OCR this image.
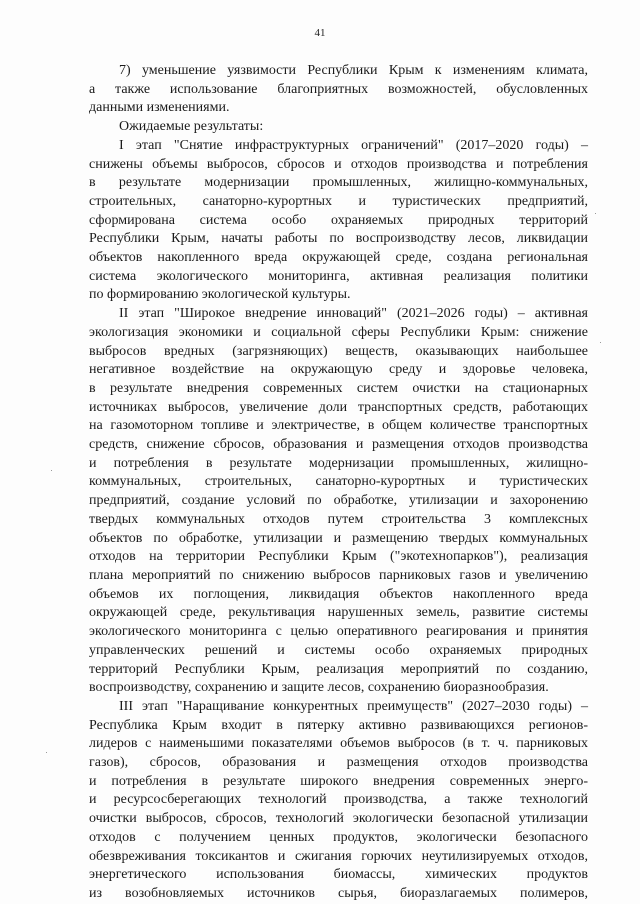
41
7) уменьшение уязвимости Республики Крым к изменениям климата,
а также использование благоприятных возможностей, обусловленных
данными изменениями.
Ожидаемые результаты:
I этап "Снятие инфраструктурных ограничений" (2017–2020 годы) –
снижены объемы выбросов, сбросов и отходов производства и потребления
в результате модернизации промышленных, жилищно-коммунальных,
строительных, санаторно-курортных и туристических предприятий,
сформирована система особо охраняемых природных территорий
Республики Крым, начаты работы по воспроизводству лесов, ликвидации
объектов накопленного вреда окружающей среде, создана региональная
система экологического мониторинга, активная реализация политики
по формированию экологической культуры.
II этап "Широкое внедрение инноваций" (2021–2026 годы) – активная
экологизация экономики и социальной сферы Республики Крым: снижение
выбросов вредных (загрязняющих) веществ, оказывающих наибольшее
негативное воздействие на окружающую среду и здоровье человека,
в результате внедрения современных систем очистки на стационарных
источниках выбросов, увеличение доли транспортных средств, работающих
на газомоторном топливе и электричестве, в общем количестве транспортных
средств, снижение сбросов, образования и размещения отходов производства
и потребления в результате модернизации промышленных, жилищно-
коммунальных, строительных, санаторно-курортных и туристических
предприятий, создание условий по обработке, утилизации и захоронению
твердых коммунальных отходов путем строительства 3 комплексных
объектов по обработке, утилизации и размещению твердых коммунальных
отходов на территории Республики Крым ("экотехнопарков"), реализация
плана мероприятий по снижению выбросов парниковых газов и увеличению
объемов их поглощения, ликвидация объектов накопленного вреда
окружающей среде, рекультивация нарушенных земель, развитие системы
экологического мониторинга с целью оперативного реагирования и принятия
управленческих решений и системы особо охраняемых природных
территорий Республики Крым, реализация мероприятий по созданию,
воспроизводству, сохранению и защите лесов, сохранению биоразнообразия.
III этап "Наращивание конкурентных преимуществ" (2027–2030 годы) –
Республика Крым входит в пятерку активно развивающихся регионов-
лидеров с наименьшими показателями объемов выбросов (в т. ч. парниковых
газов), сбросов, образования и размещения отходов производства
и потребления в результате широкого внедрения современных энерго-
и ресурсосберегающих технологий производства, а также технологий
очистки выбросов, сбросов, технологий экологически безопасной утилизации
отходов с получением ценных продуктов, экологически безопасного
обезвреживания токсикантов и сжигания горючих неутилизируемых отходов,
энергетического использования биомассы, химических продуктов
из возобновляемых источников сырья, биоразлагаемых полимеров,
